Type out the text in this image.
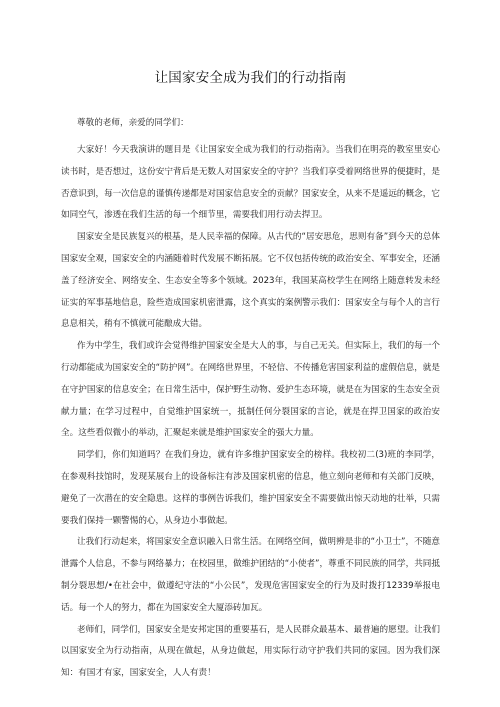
让国家安全成为我们的行动指南

尊敬的老师，亲爱的同学们：

大家好！今天我演讲的题目是《让国家安全成为我们的行动指南》。当我们在明亮的教室里安心读书时，是否想过，这份安宁背后是无数人对国家安全的守护？当我们享受着网络世界的便捷时，是否意识到，每一次信息的谨慎传递都是对国家信息安全的贡献？国家安全，从来不是遥远的概念，它如同空气，渗透在我们生活的每一个细节里，需要我们用行动去捍卫。

国家安全是民族复兴的根基，是人民幸福的保障。从古代的“居安思危，思则有备”到今天的总体国家安全观，国家安全的内涵随着时代发展不断拓展。它不仅包括传统的政治安全、军事安全，还涵盖了经济安全、网络安全、生态安全等多个领域。2023年，我国某高校学生在网络上随意转发未经证实的军事基地信息，险些造成国家机密泄露，这个真实的案例警示我们：国家安全与每个人的言行息息相关，稍有不慎就可能酿成大错。

作为中学生，我们或许会觉得维护国家安全是大人的事，与自己无关。但实际上，我们的每一个行动都能成为国家安全的“防护网”。在网络世界里，不轻信、不传播危害国家利益的虚假信息，就是在守护国家的信息安全；在日常生活中，保护野生动物、爱护生态环境，就是在为国家的生态安全贡献力量；在学习过程中，自觉维护国家统一，抵制任何分裂国家的言论，就是在捍卫国家的政治安全。这些看似微小的举动，汇聚起来就是维护国家安全的强大力量。

同学们，你们知道吗？在我们身边，就有许多维护国家安全的榜样。我校初二(3)班的李同学，在参观科技馆时，发现某展台上的设备标注有涉及国家机密的信息，他立刻向老师和有关部门反映，避免了一次潜在的安全隐患。这样的事例告诉我们，维护国家安全不需要做出惊天动地的壮举，只需要我们保持一颗警惕的心，从身边小事做起。

让我们行动起来，将国家安全意识融入日常生活。在网络空间，做明辨是非的“小卫士”，不随意泄露个人信息，不参与网络暴力；在校园里，做维护团结的“小使者”，尊重不同民族的同学，共同抵制分裂思想/•在社会中，做遵纪守法的“小公民”，发现危害国家安全的行为及时拨打12339举报电话。每一个人的努力，都在为国家安全大厦添砖加瓦。

老师们，同学们，国家安全是安邦定国的重要基石，是人民群众最基本、最普遍的愿望。让我们以国家安全为行动指南，从现在做起，从身边做起，用实际行动守护我们共同的家园。因为我们深知：有国才有家，国家安全，人人有责！
